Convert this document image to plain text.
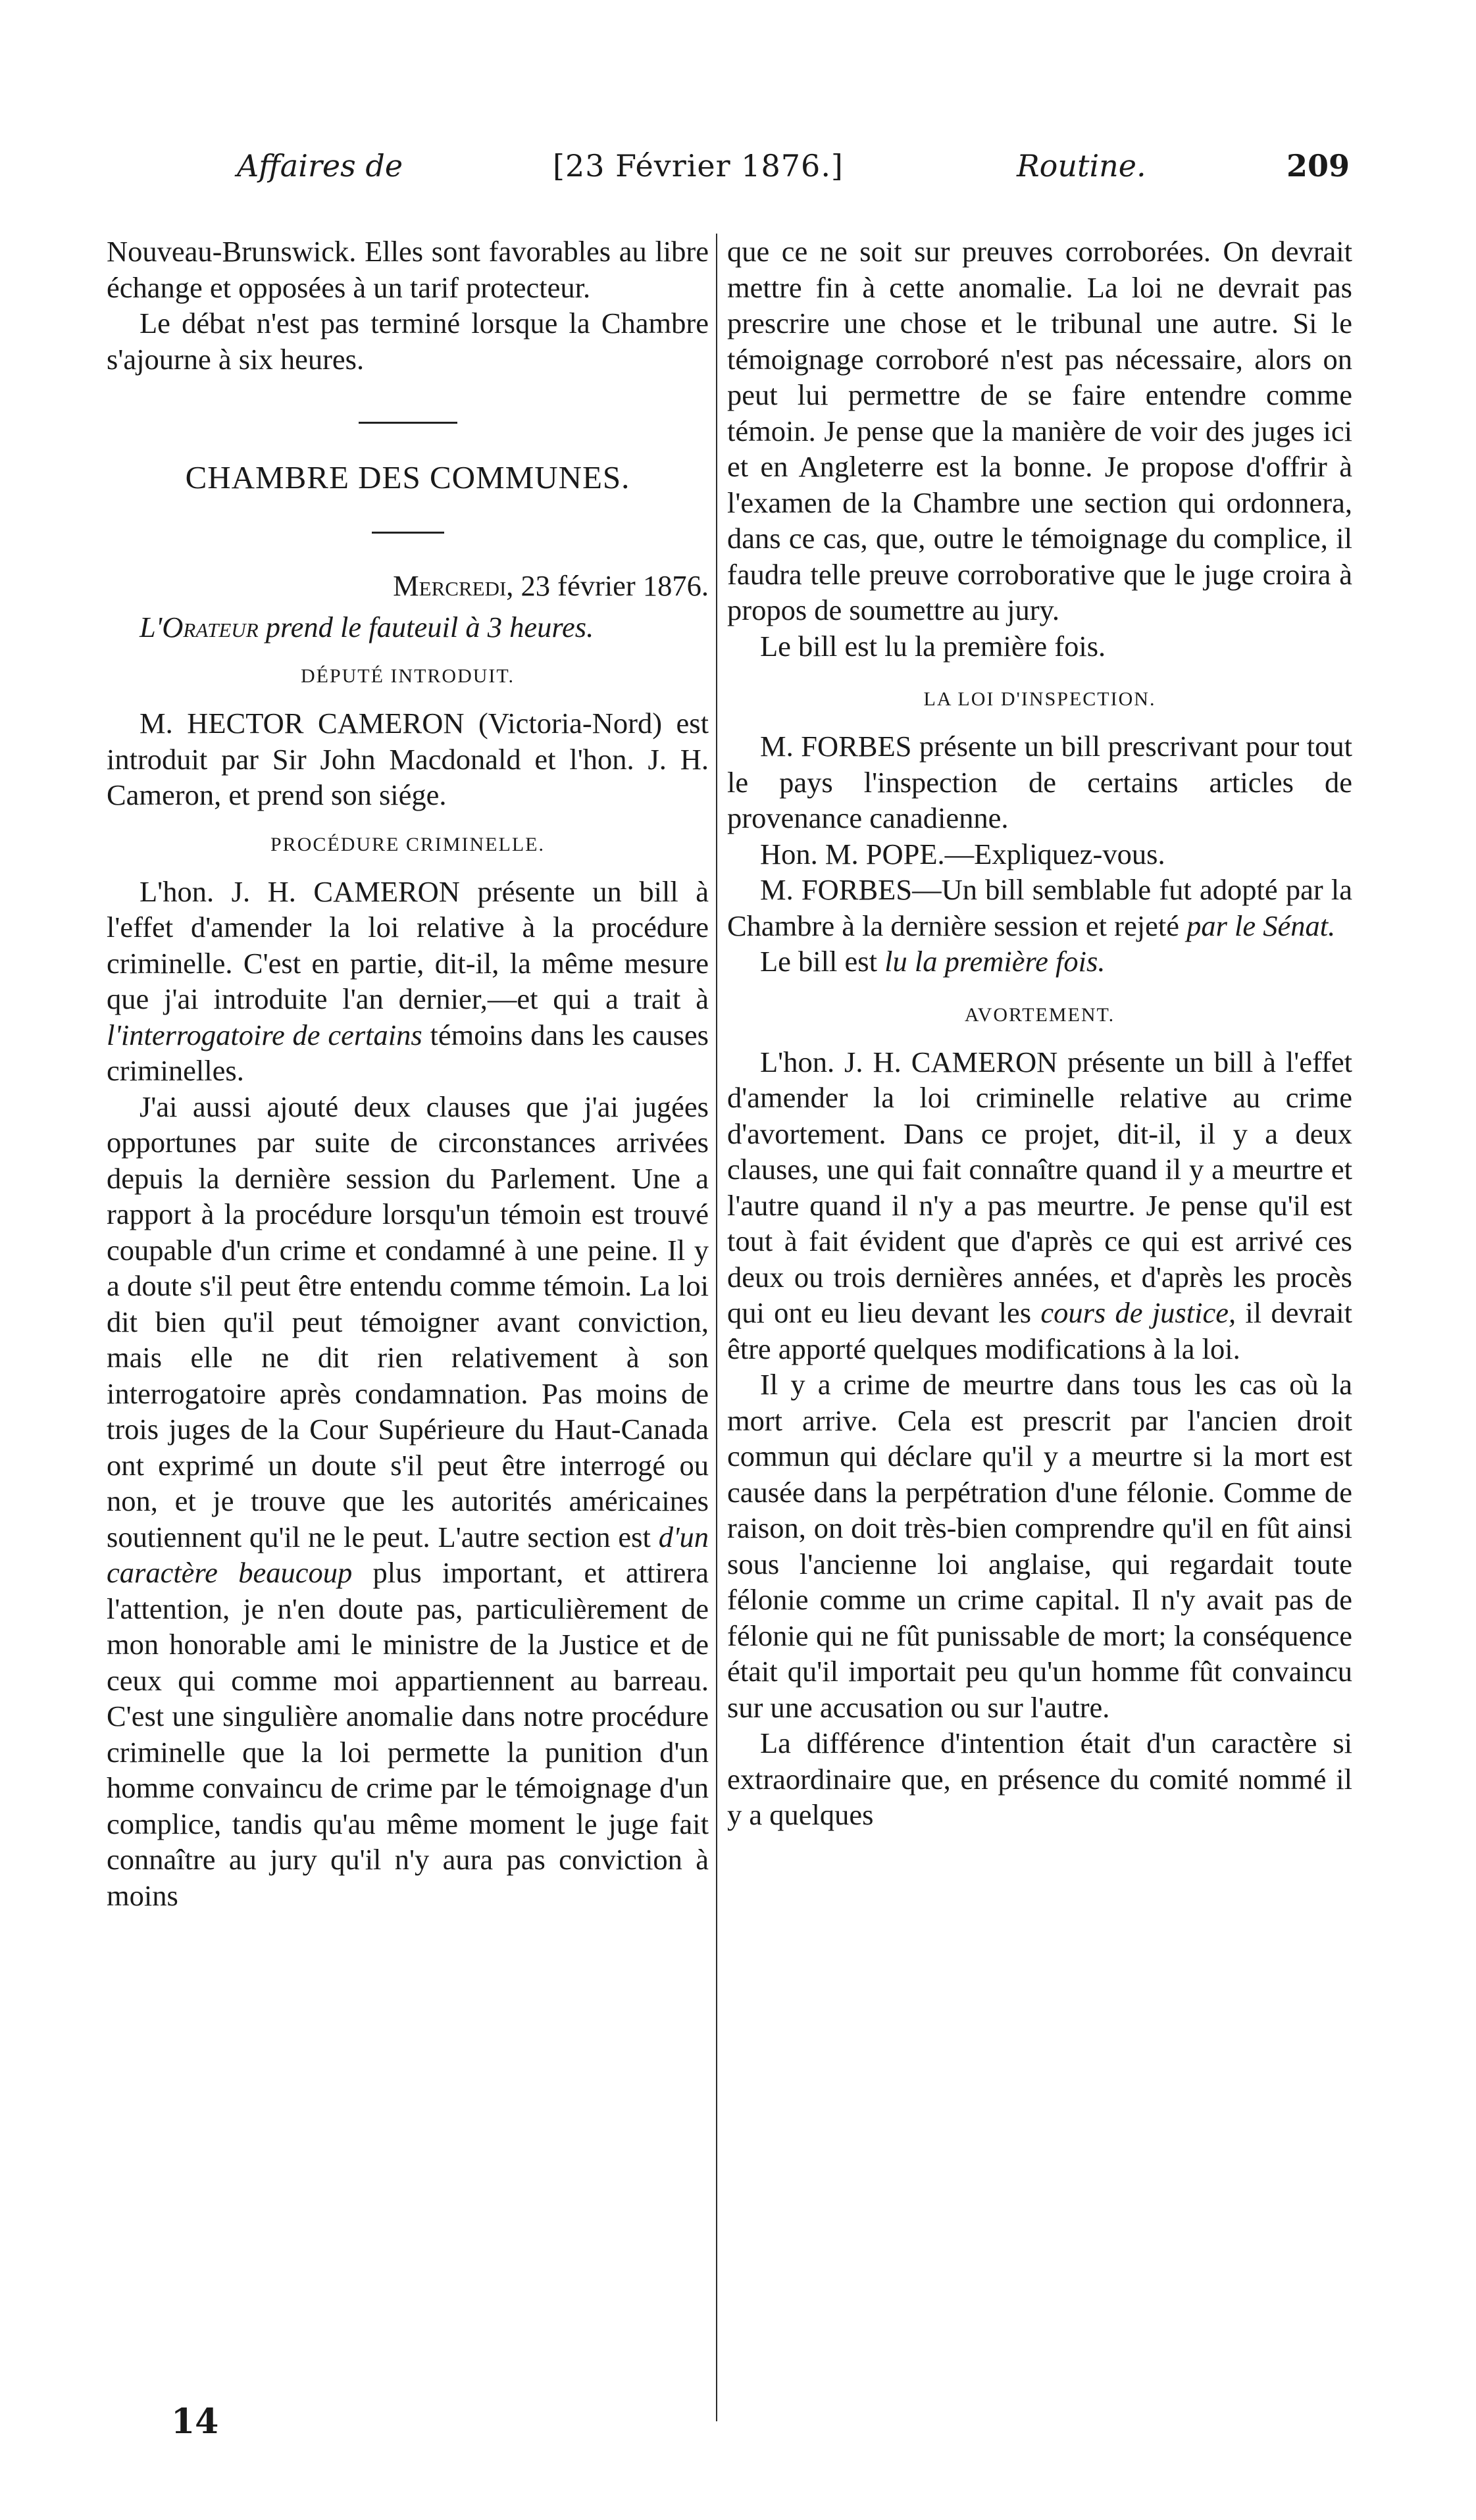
Affaires de	[23 Février 1876.]	Routine.	209

Nouveau-Brunswick. Elles sont favorables au libre échange et opposées à un tarif protecteur.

Le débat n'est pas terminé lorsque la Chambre s'ajourne à six heures.

CHAMBRE DES COMMUNES.

Mercredi, 23 février 1876.

L'Orateur prend le fauteuil à 3 heures.

DÉPUTÉ INTRODUIT.

M. HECTOR CAMERON (Victoria-Nord) est introduit par Sir John Macdonald et l'hon. J. H. Cameron, et prend son siége.

PROCÉDURE CRIMINELLE.

L'hon. J. H. CAMERON présente un bill à l'effet d'amender la loi relative à la procédure criminelle. C'est en partie, dit-il, la même mesure que j'ai introduite l'an dernier,—et qui a trait à l'interrogatoire de certains témoins dans les causes criminelles.

J'ai aussi ajouté deux clauses que j'ai jugées opportunes par suite de circonstances arrivées depuis la dernière session du Parlement. Une a rapport à la procédure lorsqu'un témoin est trouvé coupable d'un crime et condamné à une peine. Il y a doute s'il peut être entendu comme témoin. La loi dit bien qu'il peut témoigner avant conviction, mais elle ne dit rien relativement à son interrogatoire après condamnation. Pas moins de trois juges de la Cour Supérieure du Haut-Canada ont exprimé un doute s'il peut être interrogé ou non, et je trouve que les autorités américaines soutiennent qu'il ne le peut. L'autre section est d'un caractère beaucoup plus important, et attirera l'attention, je n'en doute pas, particulièrement de mon honorable ami le ministre de la Justice et de ceux qui comme moi appartiennent au barreau. C'est une singulière anomalie dans notre procédure criminelle que la loi permette la punition d'un homme convaincu de crime par le témoignage d'un complice, tandis qu'au même moment le juge fait connaître au jury qu'il n'y aura pas conviction à moins

que ce ne soit sur preuves corroborées. On devrait mettre fin à cette anomalie. La loi ne devrait pas prescrire une chose et le tribunal une autre. Si le témoignage corroboré n'est pas nécessaire, alors on peut lui permettre de se faire entendre comme témoin. Je pense que la manière de voir des juges ici et en Angleterre est la bonne. Je propose d'offrir à l'examen de la Chambre une section qui ordonnera, dans ce cas, que, outre le témoignage du complice, il faudra telle preuve corroborative que le juge croira à propos de soumettre au jury.

Le bill est lu la première fois.

LA LOI D'INSPECTION.

M. FORBES présente un bill prescrivant pour tout le pays l'inspection de certains articles de provenance canadienne.

Hon. M. POPE.—Expliquez-vous.

M. FORBES—Un bill semblable fut adopté par la Chambre à la dernière session et rejeté par le Sénat.

Le bill est lu la première fois.

AVORTEMENT.

L'hon. J. H. CAMERON présente un bill à l'effet d'amender la loi criminelle relative au crime d'avortement. Dans ce projet, dit-il, il y a deux clauses, une qui fait connaître quand il y a meurtre et l'autre quand il n'y a pas meurtre. Je pense qu'il est tout à fait évident que d'après ce qui est arrivé ces deux ou trois dernières années, et d'après les procès qui ont eu lieu devant les cours de justice, il devrait être apporté quelques modifications à la loi.

Il y a crime de meurtre dans tous les cas où la mort arrive. Cela est prescrit par l'ancien droit commun qui déclare qu'il y a meurtre si la mort est causée dans la perpétration d'une félonie. Comme de raison, on doit très-bien comprendre qu'il en fût ainsi sous l'ancienne loi anglaise, qui regardait toute félonie comme un crime capital. Il n'y avait pas de félonie qui ne fût punissable de mort; la conséquence était qu'il importait peu qu'un homme fût convaincu sur une accusation ou sur l'autre.

La différence d'intention était d'un caractère si extraordinaire que, en présence du comité nommé il y a quelques

14
